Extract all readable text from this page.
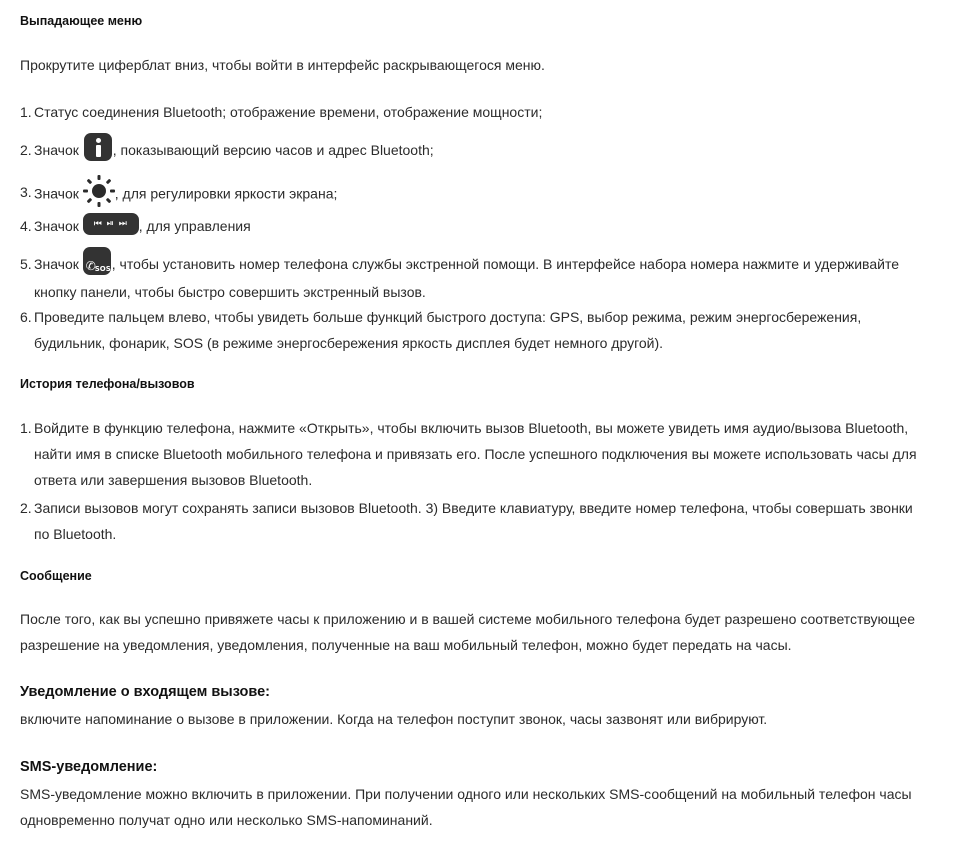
Выпадающее меню
Прокрутите циферблат вниз, чтобы войти в интерфейс раскрывающегося меню.
1. Статус соединения Bluetooth; отображение времени, отображение мощности;
2. Значок , показывающий версию часов и адрес Bluetooth;
3. Значок	, для регулировки яркости экрана;
4. Значок ⏮ ⏯ ⏭ , для управления
5. Значок ✆
SOS , чтобы установить номер телефона службы экстренной помощи. В интерфейсе набора номера нажмите и удерживайте
кнопку панели, чтобы быстро совершить экстренный вызов.
6. Проведите пальцем влево, чтобы увидеть больше функций быстрого доступа: GPS, выбор режима, режим энергосбережения,
будильник, фонарик, SOS (в режиме энергосбережения яркость дисплея будет немного другой).
История телефона/вызовов
1. Войдите в функцию телефона, нажмите «Открыть», чтобы включить вызов Bluetooth, вы можете увидеть имя аудио/вызова Bluetooth,
найти имя в списке Bluetooth мобильного телефона и привязать его. После успешного подключения вы можете использовать часы для
ответа или завершения вызовов Bluetooth.
2. Записи вызовов могут сохранять записи вызовов Bluetooth. 3) Введите клавиатуру, введите номер телефона, чтобы совершать звонки
по Bluetooth.
Сообщение
После того, как вы успешно привяжете часы к приложению и в вашей системе мобильного телефона будет разрешено соответствующее
разрешение на уведомления, уведомления, полученные на ваш мобильный телефон, можно будет передать на часы.
Уведомление о входящем вызове:
включите напоминание о вызове в приложении. Когда на телефон поступит звонок, часы зазвонят или вибрируют.
SMS-уведомление:
SMS-уведомление можно включить в приложении. При получении одного или нескольких SMS-сообщений на мобильный телефон часы
одновременно получат одно или несколько SMS-напоминаний.
